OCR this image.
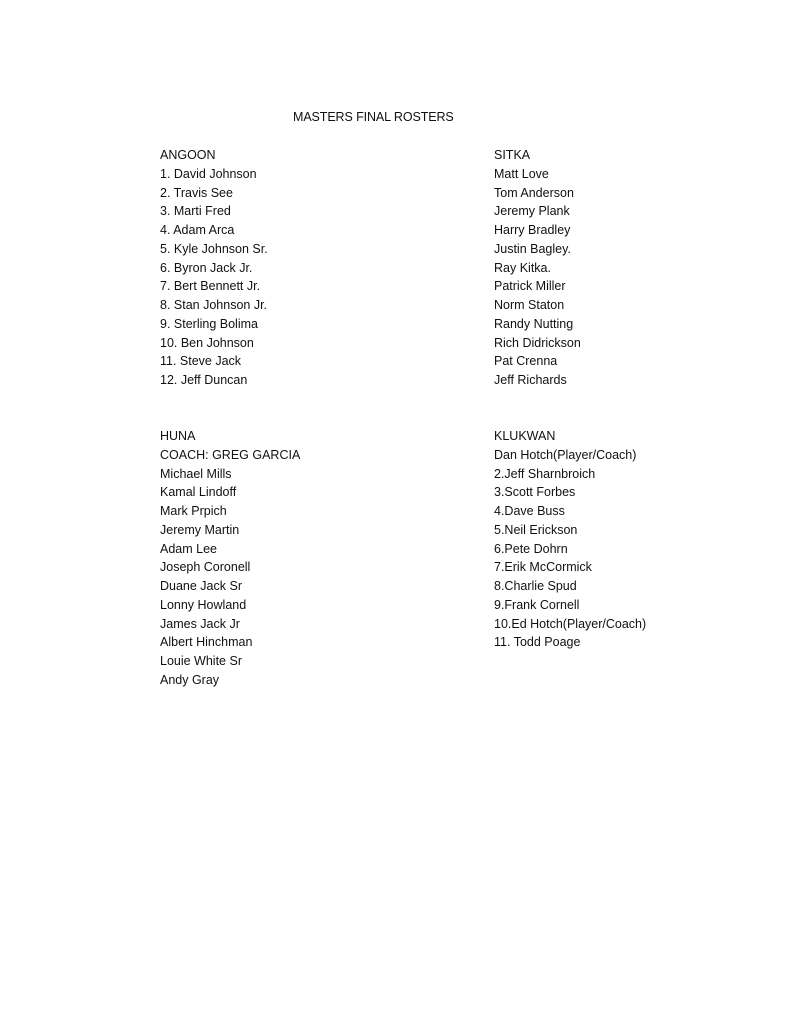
MASTERS FINAL ROSTERS
ANGOON
1. David Johnson
2. Travis See
3. Marti Fred
4. Adam Arca
5. Kyle Johnson Sr.
6. Byron Jack Jr.
7. Bert Bennett Jr.
8. Stan Johnson Jr.
9. Sterling Bolima
10. Ben Johnson
11. Steve Jack
12. Jeff Duncan
SITKA
Matt Love
Tom Anderson
Jeremy Plank
Harry Bradley
Justin Bagley.
Ray Kitka.
Patrick Miller
Norm Staton
Randy Nutting
Rich Didrickson
Pat Crenna
Jeff Richards
HUNA
COACH: GREG GARCIA
Michael Mills
Kamal Lindoff
Mark Prpich
Jeremy Martin
Adam Lee
Joseph Coronell
Duane Jack Sr
Lonny Howland
James Jack Jr
Albert Hinchman
Louie White Sr
Andy Gray
KLUKWAN
Dan Hotch(Player/Coach)
2.Jeff Sharnbroich
3.Scott Forbes
4.Dave Buss
5.Neil Erickson
6.Pete Dohrn
7.Erik McCormick
8.Charlie Spud
9.Frank Cornell
10.Ed Hotch(Player/Coach)
11. Todd Poage
